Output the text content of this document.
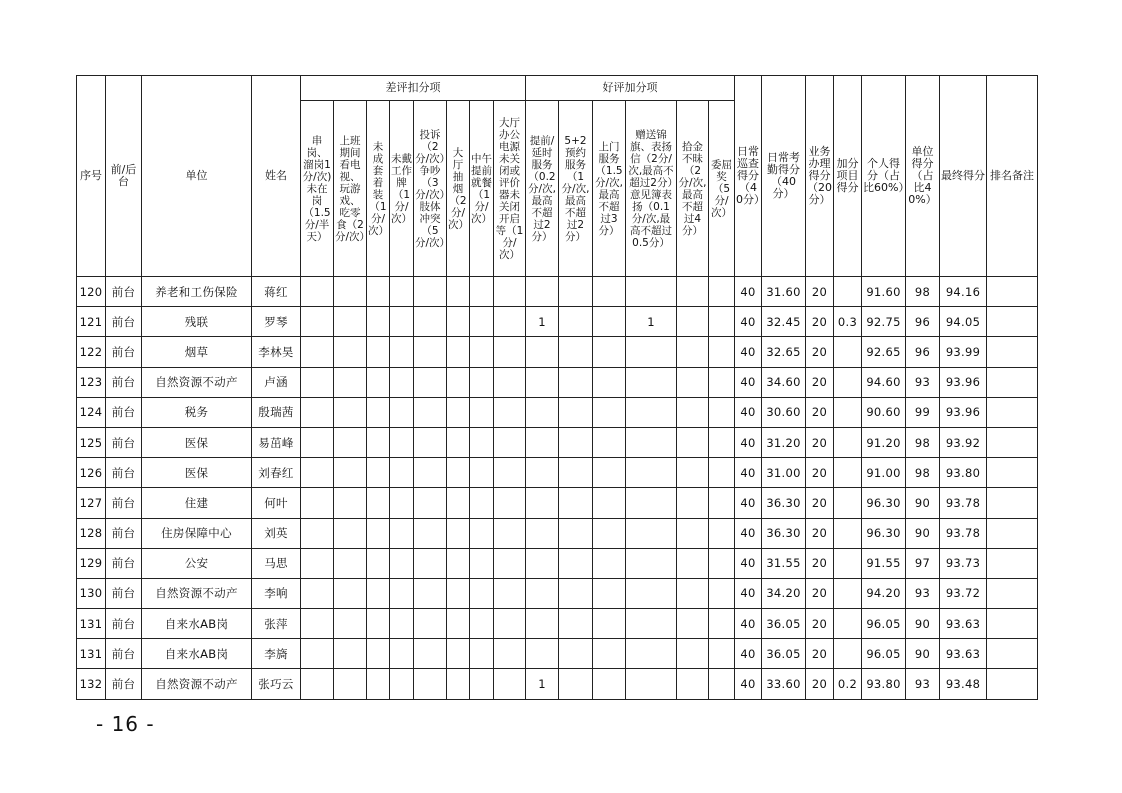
序号	前/后台	单位	姓名	差评扣分项								好评加分项						日常巡查得分（40分）	日常考勤得分（40分）	业务办理得分（20分）	加分项目得分	个人得分（占比60%）	单位得分（占比40%）	最终得分	排名备注
				串岗、溜岗1分/次)未在岗（1.5分/半天）	上班期间看电视、玩游戏、吃零食（2分/次）	未成套着装（1分/次）	未戴工作牌（1分/次）	投诉（2分/次）争吵（3分/次）肢体冲突（5分/次）	大厅抽烟（2分/次）	中午提前就餐（1分/次）	大厅办公电源未关闭或评价器未关闭开启等（1分/次）	提前/延时服务（0.2分/次,最高不超过2分）	5+2预约服务（1分/次,最高不超过2分）	上门服务（1.5分/次,最高不超过3分）	赠送锦旗、表扬信（2分/次,最高不超过2分）意见簿表扬（0.1分/次,最高不超过0.5分）	拾金不昧（2分/次,最高不超过4分）	委屈奖（5分/次）								
120	前台	养老和工伤保险	蒋红															40	31.60	20		91.60	98	94.16	
121	前台	残联	罗琴									1			1			40	32.45	20	0.3	92.75	96	94.05	
122	前台	烟草	李林昊															40	32.65	20		92.65	96	93.99	
123	前台	自然资源不动产	卢涵															40	34.60	20		94.60	93	93.96	
124	前台	税务	殷瑞茜															40	30.60	20		90.60	99	93.96	
125	前台	医保	易茁峰															40	31.20	20		91.20	98	93.92	
126	前台	医保	刘春红															40	31.00	20		91.00	98	93.80	
127	前台	住建	何叶															40	36.30	20		96.30	90	93.78	
128	前台	住房保障中心	刘英															40	36.30	20		96.30	90	93.78	
129	前台	公安	马思															40	31.55	20		91.55	97	93.73	
130	前台	自然资源不动产	李响															40	34.20	20		94.20	93	93.72	
131	前台	自来水AB岗	张萍															40	36.05	20		96.05	90	93.63	
131	前台	自来水AB岗	李旖															40	36.05	20		96.05	90	93.63	
132	前台	自然资源不动产	张巧云									1						40	33.60	20	0.2	93.80	93	93.48	
- 16 -
